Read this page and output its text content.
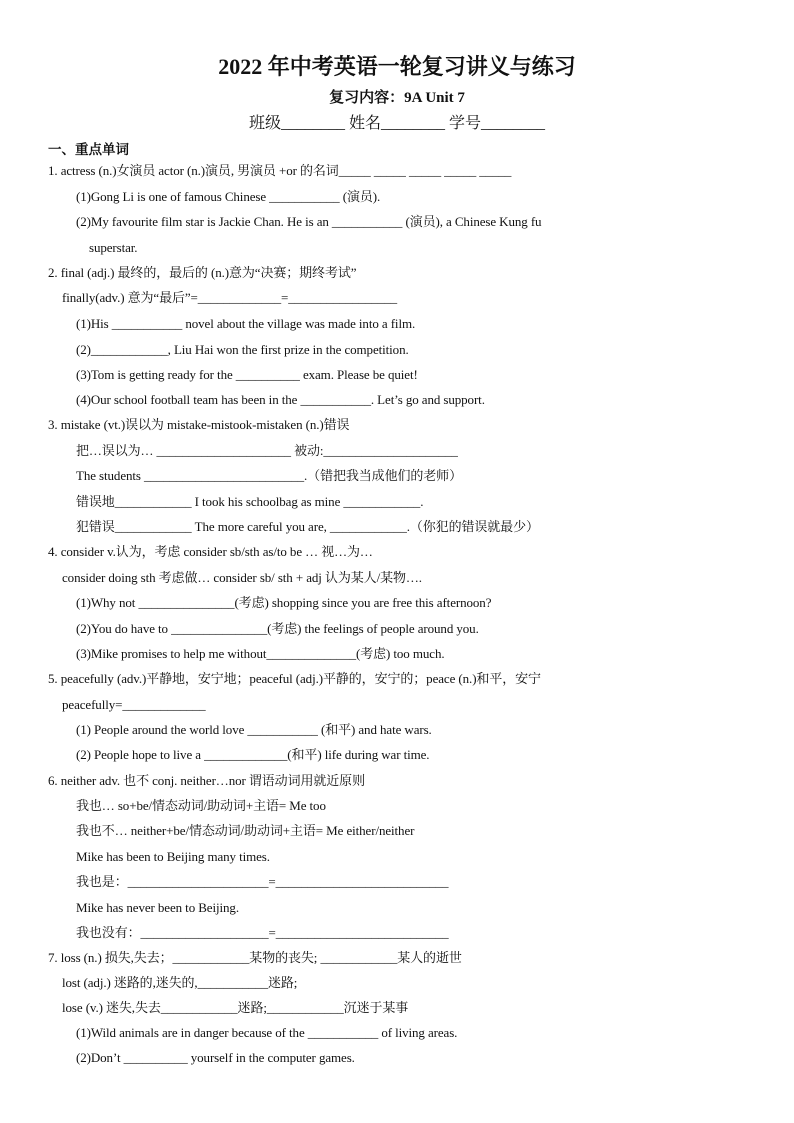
2022 年中考英语一轮复习讲义与练习
复习内容：9A Unit 7
班级________ 姓名________ 学号________
一、重点单词
1. actress (n.)女演员 actor (n.)演员, 男演员 +or 的名词_____ _____ _____ _____ _____
(1)Gong Li is one of famous Chinese ___________ (演员).
(2)My favourite film star is Jackie Chan. He is an ___________ (演员), a Chinese Kung fu
superstar.
2. final (adj.) 最终的，最后的 (n.)意为“决赛；期终考试”
finally(adv.) 意为“最后”=_____________=_________________
(1)His ___________ novel about the village was made into a film.
(2)____________, Liu Hai won the first prize in the competition.
(3)Tom is getting ready for the __________ exam. Please be quiet!
(4)Our school football team has been in the ___________. Let’s go and support.
3. mistake (vt.)误以为 mistake-mistook-mistaken (n.)错误
把…误以为… _____________________ 被动:_____________________
The students _________________________.（错把我当成他们的老师）
错误地____________ I took his schoolbag as mine ____________.
犯错误____________ The more careful you are, ____________.（你犯的错误就最少）
4. consider v.认为，考虑 consider sb/sth as/to be … 视…为…
consider doing sth 考虑做… consider sb/ sth + adj 认为某人/某物….
(1)Why not _______________(考虑) shopping since you are free this afternoon?
(2)You do have to _______________(考虑) the feelings of people around you.
(3)Mike promises to help me without______________(考虑) too much.
5. peacefully (adv.)平静地，安宁地；peaceful (adj.)平静的，安宁的；peace (n.)和平，安宁
peacefully=_____________
(1) People around the world love ___________ (和平) and hate wars.
(2) People hope to live a _____________(和平) life during war time.
6. neither adv. 也不 conj. neither…nor 谓语动词用就近原则
我也… so+be/情态动词/助动词+主语= Me too
我也不… neither+be/情态动词/助动词+主语= Me either/neither
Mike has been to Beijing many times.
我也是：______________________=___________________________
Mike has never been to Beijing.
我也没有：____________________=___________________________
7. loss (n.) 损失,失去；____________某物的丧失; ____________某人的逝世
lost (adj.) 迷路的,迷失的,___________迷路;
lose (v.) 迷失,失去____________迷路;____________沉迷于某事
(1)Wild animals are in danger because of the ___________ of living areas.
(2)Don’t __________ yourself in the computer games.
